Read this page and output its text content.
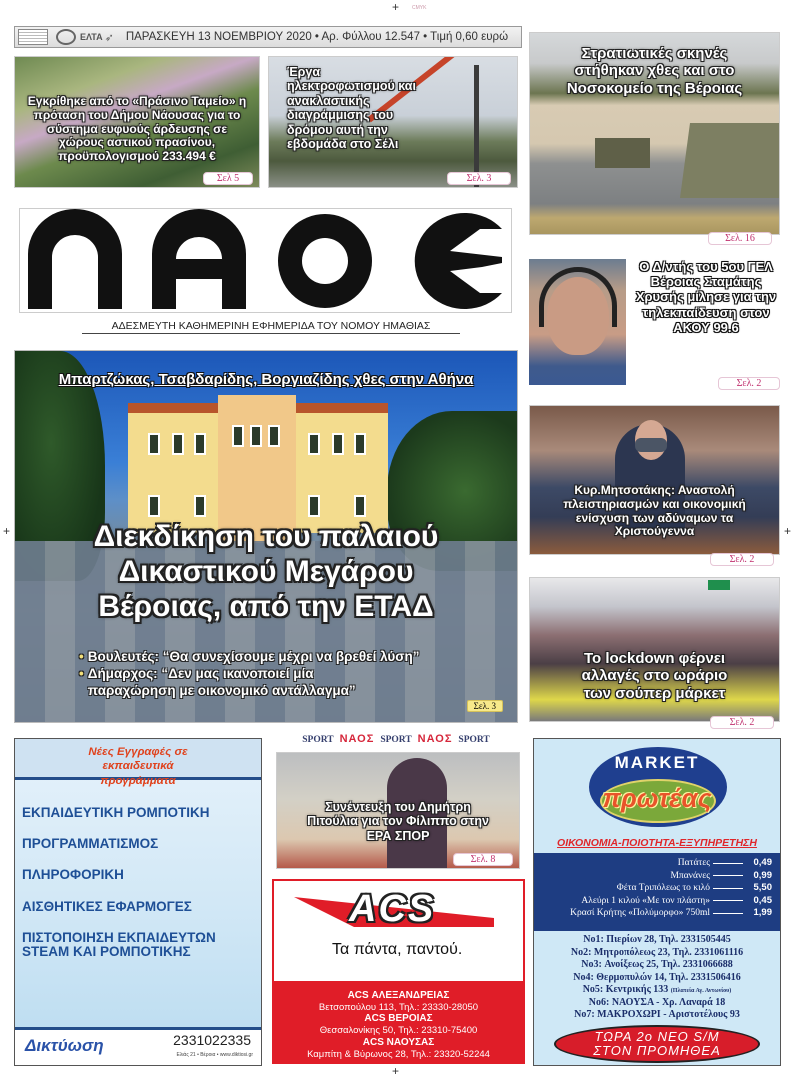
+	CMYK
+	+
+
ΕΛΤΑ ➶ ΠΑΡΑΣΚΕΥΗ 13 ΝΟΕΜΒΡΙΟΥ 2020 • Αρ. Φύλλου 12.547 • Τιμή 0,60 ευρώ
Εγκρίθηκε από το «Πράσινο Ταμείο» η πρόταση του Δήμου Νάουσας για το σύστημα ευφυούς άρδευσης σε χώρους αστικού πρασίνου, προϋπολογισμού 233.494 €
Σελ 5
Έργα ηλεκτροφωτισμού και ανακλαστικής διαγράμμισης του δρόμου αυτή την εβδομάδα στο Σέλι
Σελ. 3
Στρατιωτικές σκηνές στήθηκαν χθες και στο Νοσοκομείο της Βέροιας
Σελ. 16
ΑΔΕΣΜΕΥΤΗ ΚΑΘΗΜΕΡΙΝΗ ΕΦΗΜΕΡΙΔΑ ΤΟΥ ΝΟΜΟΥ ΗΜΑΘΙΑΣ
Ο Δ/ντής του 5ου ΓΕΛ Βέροιας Σταμάτης Χρυσής μίλησε για την τηλεκπαίδευση στον ΑΚΟΥ 99.6
Σελ. 2
Μπαρτζώκας, Τσαβδαρίδης, Βοργιαζίδης χθες στην Αθήνα
Διεκδίκηση του παλαιού Δικαστικού Μεγάρου Βέροιας, από την ΕΤΑΔ
• Βουλευτές: “Θα συνεχίσουμε μέχρι να βρεθεί λύση”
• Δήμαρχος: “Δεν μας ικανοποιεί μία παραχώρηση με οικονομικό αντάλλαγμα”
Σελ. 3
Κυρ.Μητσοτάκης: Αναστολή πλειστηριασμών και οικονομική ενίσχυση των αδύναμων τα Χριστούγεννα
Σελ. 2
Το lockdown φέρνει αλλαγές στο ωράριο των σούπερ μάρκετ
Σελ. 2
Νέες Εγγραφές σε εκπαιδευτικά προγράμματα
ΕΚΠΑΙΔΕΥΤΙΚΗ ΡΟΜΠΟΤΙΚΗ
ΠΡΟΓΡΑΜΜΑΤΙΣΜΟΣ
ΠΛΗΡΟΦΟΡΙΚΗ
ΑΙΣΘΗΤΙΚΕΣ ΕΦΑΡΜΟΓΕΣ
ΠΙΣΤΟΠΟΙΗΣΗ ΕΚΠΑΙΔΕΥΤΩΝ STEAM ΚΑΙ ΡΟΜΠΟΤΙΚΗΣ
Δικτύωση	2331022335
Ελιάς 21 • Βέροια • www.diktiosi.gr
SPORT ΝΑΟΣ SPORT ΝΑΟΣ SPORT
Συνέντευξη του Δημήτρη Πιτούλια για τον Φίλιππο στην ΕΡΑ ΣΠΟΡ
Σελ. 8
ACS
Τα πάντα, παντού.
ACS ΑΛΕΞΑΝΔΡΕΙΑΣ
Βετσοπούλου 113, Τηλ.: 23330-28050
ACS ΒΕΡΟΙΑΣ
Θεσσαλονίκης 50, Τηλ.: 23310-75400
ACS ΝΑΟΥΣΑΣ
Καμπίτη & Βύρωνος 28, Τηλ.: 23320-52244
MARKET
πρωτέας
ΟΙΚΟΝΟΜΙΑ-ΠΟΙΟΤΗΤΑ-ΕΞΥΠΗΡΕΤΗΣΗ
Πατάτες	0,49
Μπανάνες	0,99
Φέτα Τριπόλεως το κιλό	5,50
Αλεύρι 1 κιλού «Με τον πλάστη»	0,45
Κρασί Κρήτης «Πολύμορφο» 750ml	1,99
No1: Πιερίων 28, Τηλ. 2331505445
No2: Μητροπόλεως 23, Τηλ. 2331061116
No3: Ανοίξεως 25, Τηλ. 2331066688
No4: Θερμοπυλών 14, Τηλ. 2331506416
No5: Κεντρικής 133 (Πλατεία Αγ. Αντωνίου)
No6: ΝΑΟΥΣΑ - Χρ. Λαναρά 18
No7: ΜΑΚΡΟΧΩΡΙ - Αριστοτέλους 93
ΤΩΡΑ 2ο ΝΕΟ S/M
ΣΤΟΝ ΠΡΟΜΗΘΕΑ
